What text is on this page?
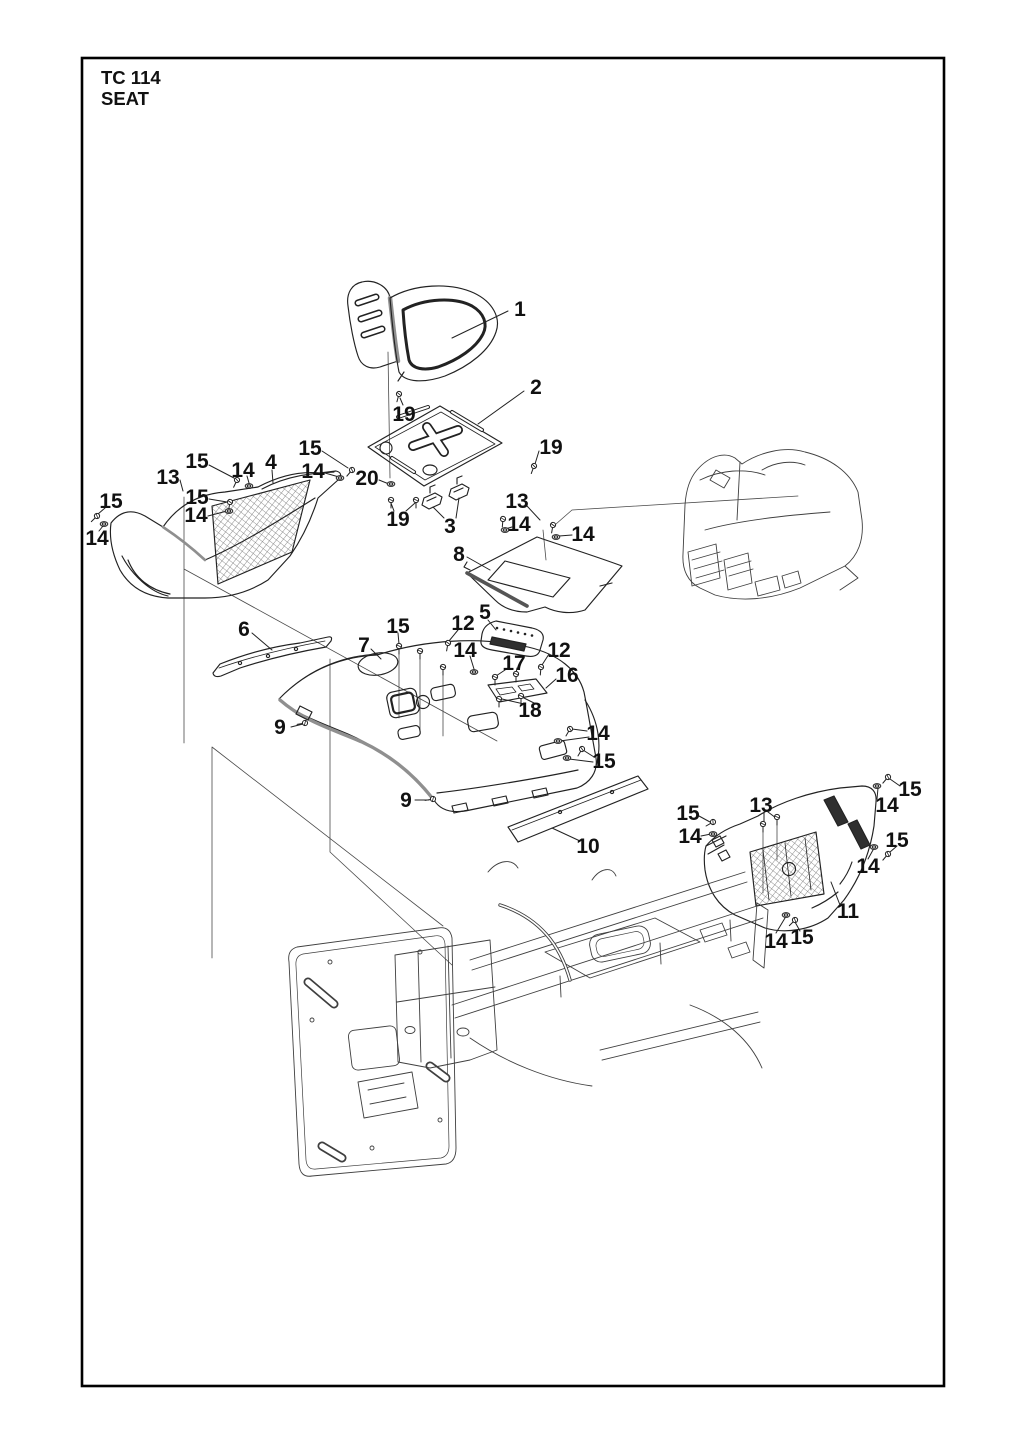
TC 114
SEAT
1
2
19
19
20
19 3
15
14
4
15 14
13
15
14
15
14
13
14 14
8
6
7
15 12 5
14	12
17
16
18
9	14
15
9
10
15
14
13
15
14
15
14
11
14 15
